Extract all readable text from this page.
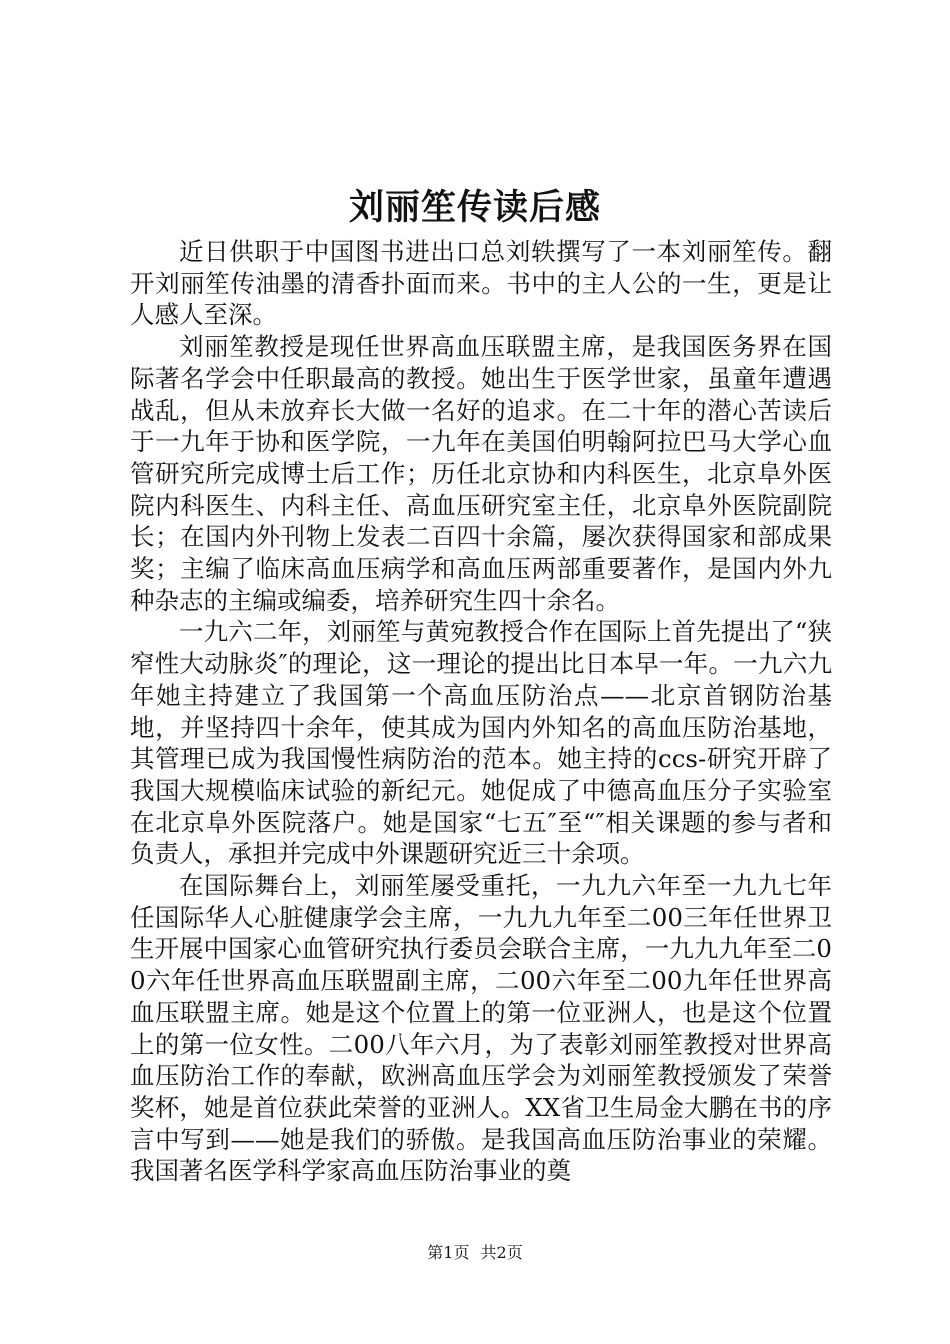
刘丽笙传读后感

近日供职于中国图书进出口总刘轶撰写了一本刘丽笙传。翻开刘丽笙传油墨的清香扑面而来。书中的主人公的一生，更是让人感人至深。

刘丽笙教授是现任世界高血压联盟主席，是我国医务界在国际著名学会中任职最高的教授。她出生于医学世家，虽童年遭遇战乱，但从未放弃长大做一名好的追求。在二十年的潜心苦读后于一九年于协和医学院，一九年在美国伯明翰阿拉巴马大学心血管研究所完成博士后工作；历任北京协和内科医生，北京阜外医院内科医生、内科主任、高血压研究室主任，北京阜外医院副院长；在国内外刊物上发表二百四十余篇，屡次获得国家和部成果奖；主编了临床高血压病学和高血压两部重要著作，是国内外九种杂志的主编或编委，培养研究生四十余名。

一九六二年，刘丽笙与黄宛教授合作在国际上首先提出了“狭窄性大动脉炎″的理论，这一理论的提出比日本早一年。一九六九年她主持建立了我国第一个高血压防治点——北京首钢防治基地，并坚持四十余年，使其成为国内外知名的高血压防治基地，其管理已成为我国慢性病防治的范本。她主持的ccs-研究开辟了我国大规模临床试验的新纪元。她促成了中德高血压分子实验室在北京阜外医院落户。她是国家“七五″至“″相关课题的参与者和负责人，承担并完成中外课题研究近三十余项。

在国际舞台上，刘丽笙屡受重托，一九九六年至一九九七年任国际华人心脏健康学会主席，一九九九年至二00三年任世界卫生开展中国家心血管研究执行委员会联合主席，一九九九年至二00六年任世界高血压联盟副主席，二00六年至二00九年任世界高血压联盟主席。她是这个位置上的第一位亚洲人，也是这个位置上的第一位女性。二00八年六月，为了表彰刘丽笙教授对世界高血压防治工作的奉献，欧洲高血压学会为刘丽笙教授颁发了荣誉奖杯，她是首位获此荣誉的亚洲人。XX省卫生局金大鹏在书的序言中写到——她是我们的骄傲。是我国高血压防治事业的荣耀。我国著名医学科学家高血压防治事业的奠

第1页 共2页
